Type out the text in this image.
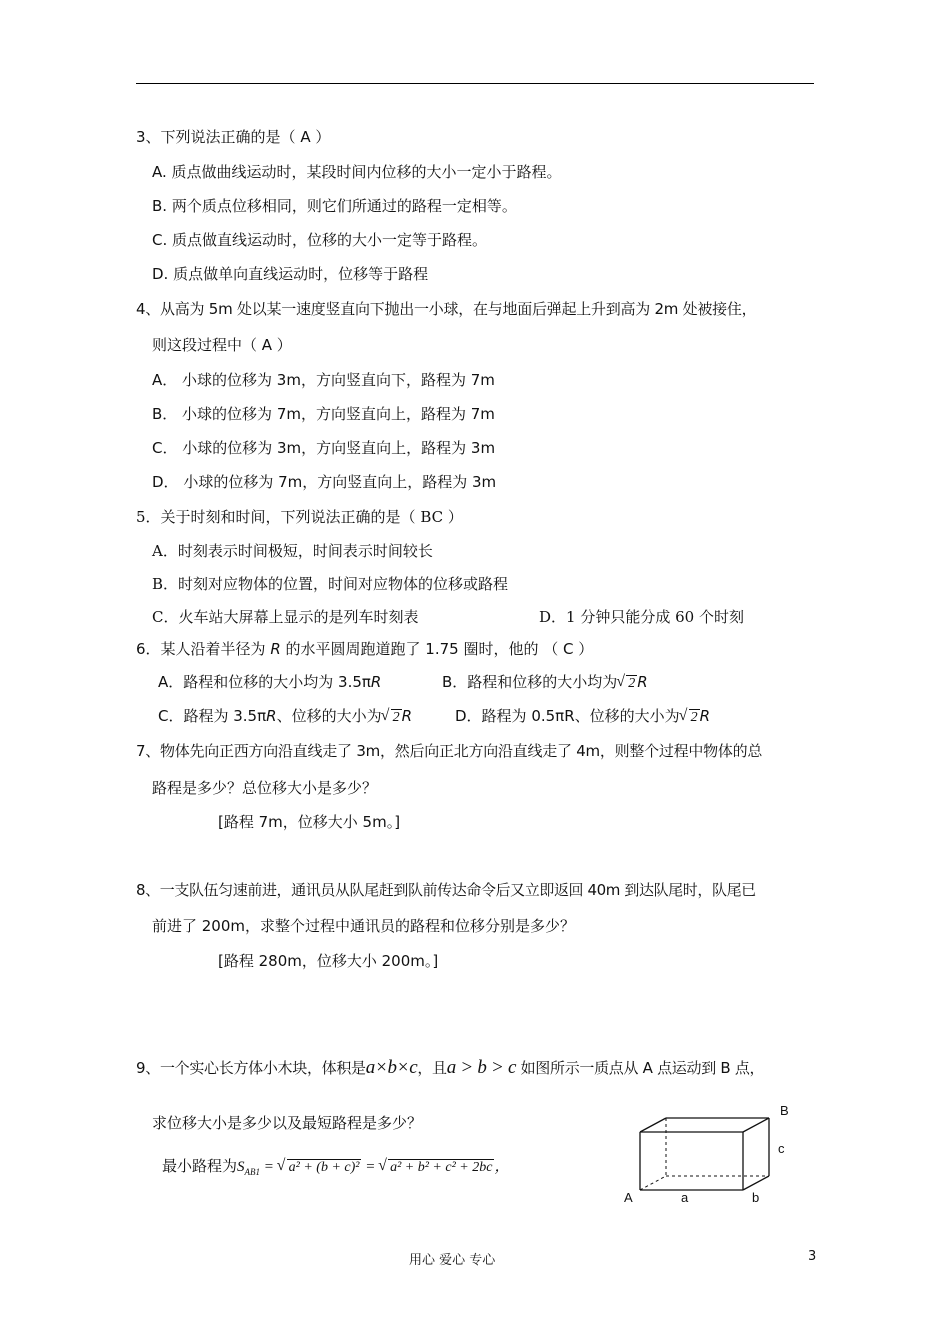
3、下列说法正确的是（ A ）
A. 质点做曲线运动时，某段时间内位移的大小一定小于路程。
B. 两个质点位移相同，则它们所通过的路程一定相等。
C. 质点做直线运动时，位移的大小一定等于路程。
D. 质点做单向直线运动时，位移等于路程
4、从高为 5m 处以某一速度竖直向下抛出一小球，在与地面后弹起上升到高为 2m 处被接住，
则这段过程中（ A ）
A． 小球的位移为 3m，方向竖直向下，路程为 7m
B． 小球的位移为 7m，方向竖直向上，路程为 7m
C． 小球的位移为 3m，方向竖直向上，路程为 3m
D． 小球的位移为 7m，方向竖直向上，路程为 3m
5．关于时刻和时间，下列说法正确的是（ BC ）
A．时刻表示时间极短，时间表示时间较长
B．时刻对应物体的位置，时间对应物体的位移或路程
C．火车站大屏幕上显示的是列车时刻表	D．1 分钟只能分成 60 个时刻
6．某人沿着半径为 R 的水平圆周跑道跑了 1.75 圈时，他的 （ C ）
A．路程和位移的大小均为 3.5πR	B．路程和位移的大小均为 √ 2 R
C．路程为 3.5πR、位移的大小为 √ 2 R	D．路程为 0.5πR、位移的大小为 √ 2 R
7、物体先向正西方向沿直线走了 3m，然后向正北方向沿直线走了 4m，则整个过程中物体的总
路程是多少？总位移大小是多少？
[路程 7m，位移大小 5m。]
8、一支队伍匀速前进，通讯员从队尾赶到队前传达命令后又立即返回 40m 到达队尾时，队尾已
前进了 200m，求整个过程中通讯员的路程和位移分别是多少？
[路程 280m，位移大小 200m。]
9、一个实心长方体小木块，体积是a×b×c，且a > b > c 如图所示一质点从 A 点运动到 B 点，
求位移大小是多少以及最短路程是多少？
最小路程为$S_{AB1}$ = √ a² + (b + c)² = √ a² + b² + c² + 2bc ，
B
c
A	a	b
用心 爱心 专心	3
